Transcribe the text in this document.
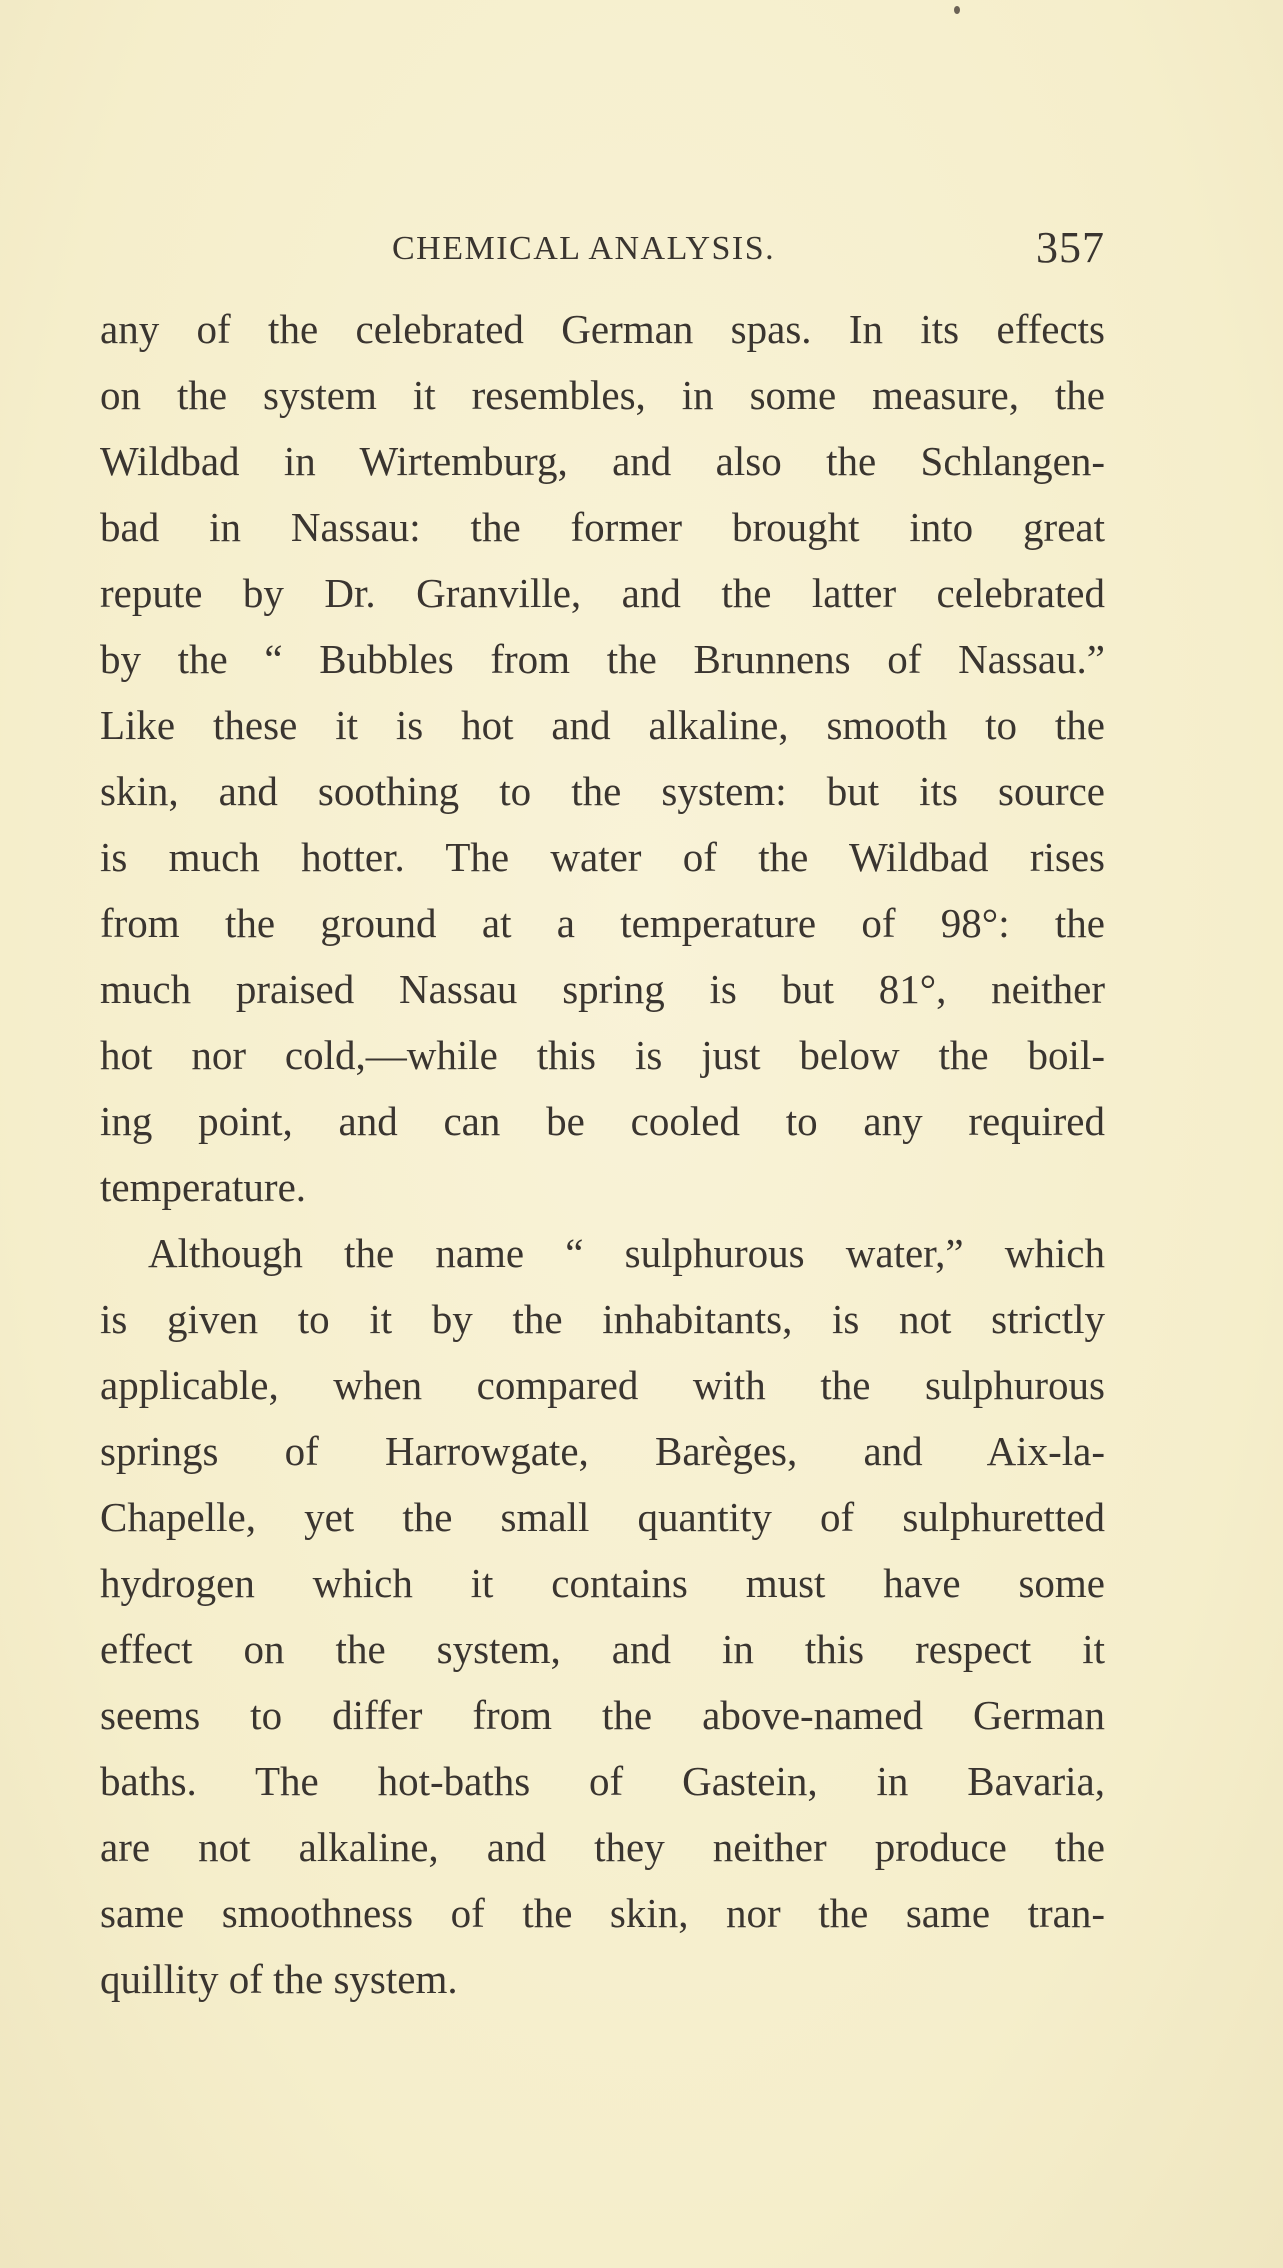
CHEMICAL ANALYSIS.	357
any of the celebrated German spas. In its effects
on the system it resembles, in some measure, the
Wildbad in Wirtemburg, and also the Schlangen-
bad in Nassau: the former brought into great
repute by Dr. Granville, and the latter celebrated
by the “ Bubbles from the Brunnens of Nassau.”
Like these it is hot and alkaline, smooth to the
skin, and soothing to the system: but its source
is much hotter. The water of the Wildbad rises
from the ground at a temperature of 98°: the
much praised Nassau spring is but 81°, neither
hot nor cold,—while this is just below the boil-
ing point, and can be cooled to any required
temperature.
Although the name “ sulphurous water,” which
is given to it by the inhabitants, is not strictly
applicable, when compared with the sulphurous
springs of Harrowgate, Barèges, and Aix-la-
Chapelle, yet the small quantity of sulphuretted
hydrogen which it contains must have some
effect on the system, and in this respect it
seems to differ from the above-named German
baths. The hot-baths of Gastein, in Bavaria,
are not alkaline, and they neither produce the
same smoothness of the skin, nor the same tran-
quillity of the system.
